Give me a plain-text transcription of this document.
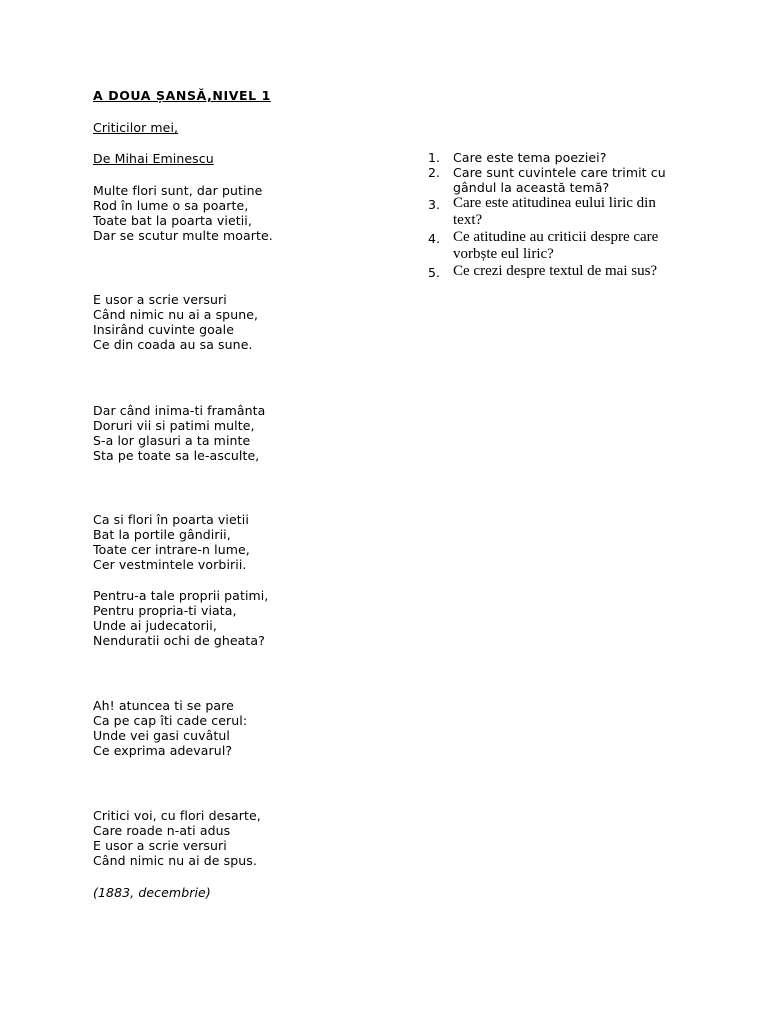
A DOUA ȘANSĂ,NIVEL 1
Criticilor mei,
De Mihai Eminescu
Multe flori sunt, dar putine
Rod în lume o sa poarte,
Toate bat la poarta vietii,
Dar se scutur multe moarte.
E usor a scrie versuri
Când nimic nu ai a spune,
Insirând cuvinte goale
Ce din coada au sa sune.
Dar când inima-ti framânta
Doruri vii si patimi multe,
S-a lor glasuri a ta minte
Sta pe toate sa le-asculte,
Ca si flori în poarta vietii
Bat la portile gândirii,
Toate cer intrare-n lume,
Cer vestmintele vorbirii.
Pentru-a tale proprii patimi,
Pentru propria-ti viata,
Unde ai judecatorii,
Nenduratii ochi de gheata?
Ah! atuncea ti se pare
Ca pe cap îti cade cerul:
Unde vei gasi cuvâtul
Ce exprima adevarul?
Critici voi, cu flori desarte,
Care roade n-ati adus
E usor a scrie versuri
Când nimic nu ai de spus.
(1883, decembrie)
1.	Care este tema poeziei?
2.	Care sunt cuvintele care trimit cu gândul la această temă?
3. Care este atitudinea eului liric din text?
4. Ce atitudine au criticii despre care vorbște eul liric?
5. Ce crezi despre textul de mai sus?
